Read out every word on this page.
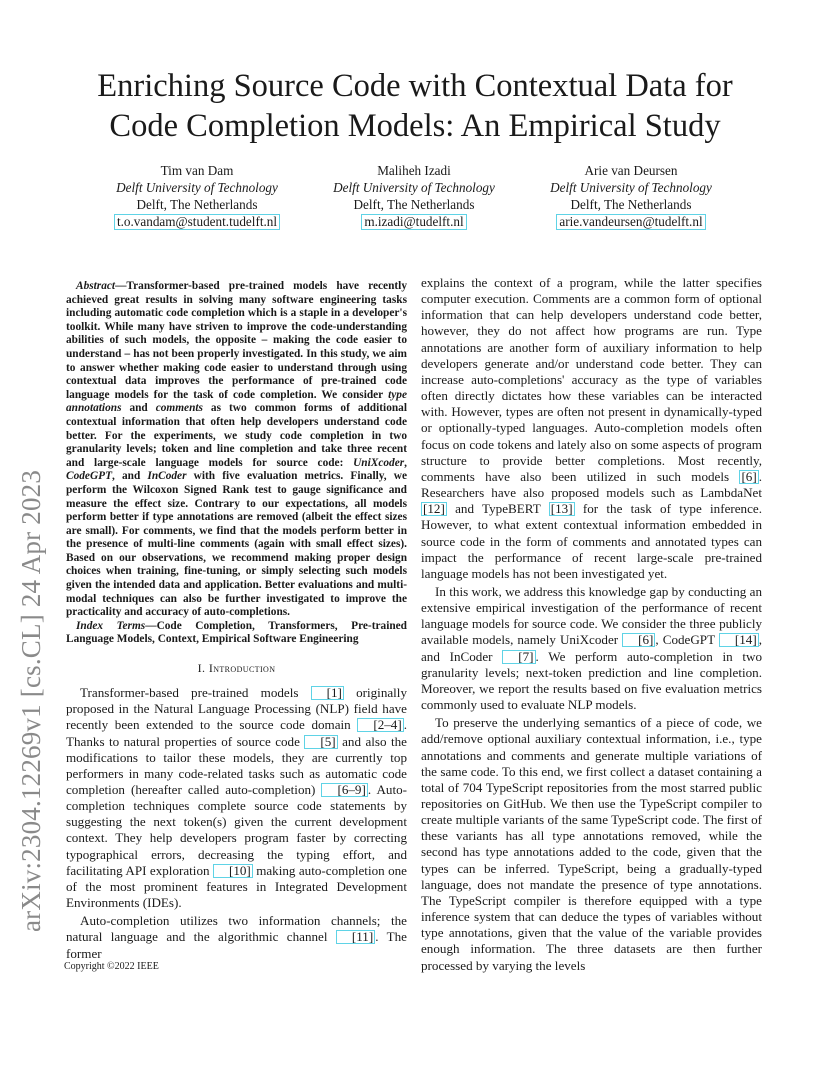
Enriching Source Code with Contextual Data for Code Completion Models: An Empirical Study
Tim van Dam
Delft University of Technology
Delft, The Netherlands
t.o.vandam@student.tudelft.nl
Maliheh Izadi
Delft University of Technology
Delft, The Netherlands
m.izadi@tudelft.nl
Arie van Deursen
Delft University of Technology
Delft, The Netherlands
arie.vandeursen@tudelft.nl
arXiv:2304.12269v1 [cs.CL] 24 Apr 2023

Abstract—Transformer-based pre-trained models have recently achieved great results in solving many software engineering tasks including automatic code completion which is a staple in a developer's toolkit. While many have striven to improve the code-understanding abilities of such models, the opposite – making the code easier to understand – has not been properly investigated. In this study, we aim to answer whether making code easier to understand through using contextual data improves the performance of pre-trained code language models for the task of code completion. We consider type annotations and comments as two common forms of additional contextual information that often help developers understand code better. For the experiments, we study code completion in two granularity levels; token and line completion and take three recent and large-scale language models for source code: UniXcoder, CodeGPT, and InCoder with five evaluation metrics. Finally, we perform the Wilcoxon Signed Rank test to gauge significance and measure the effect size. Contrary to our expectations, all models perform better if type annotations are removed (albeit the effect sizes are small). For comments, we find that the models perform better in the presence of multi-line comments (again with small effect sizes). Based on our observations, we recommend making proper design choices when training, fine-tuning, or simply selecting such models given the intended data and application. Better evaluations and multi-modal techniques can also be further investigated to improve the practicality and accuracy of auto-completions.

Index Terms—Code Completion, Transformers, Pre-trained Language Models, Context, Empirical Software Engineering

I. Introduction

Transformer-based pre-trained models [1] originally proposed in the Natural Language Processing (NLP) field have recently been extended to the source code domain [2–4] . Thanks to natural properties of source code [5] and also the modifications to tailor these models, they are currently top performers in many code-related tasks such as automatic code completion (hereafter called auto-completion) [6–9] . Auto-completion techniques complete source code statements by suggesting the next token(s) given the current development context. They help developers program faster by correcting typographical errors, decreasing the typing effort, and facilitating API exploration [10] making auto-completion one of the most prominent features in Integrated Development Environments (IDEs).

Auto-completion utilizes two information channels; the natural language and the algorithmic channel [11] . The former

explains the context of a program, while the latter specifies computer execution. Comments are a common form of optional information that can help developers understand code better, however, they do not affect how programs are run. Type annotations are another form of auxiliary information to help developers generate and/or understand code better. They can increase auto-completions' accuracy as the type of variables often directly dictates how these variables can be interacted with. However, types are often not present in dynamically-typed or optionally-typed languages. Auto-completion models often focus on code tokens and lately also on some aspects of program structure to provide better completions. Most recently, comments have also been utilized in such models [6] . Researchers have also proposed models such as LambdaNet [12] and TypeBERT [13] for the task of type inference. However, to what extent contextual information embedded in source code in the form of comments and annotated types can impact the performance of recent large-scale pre-trained language models has not been investigated yet.

In this work, we address this knowledge gap by conducting an extensive empirical investigation of the performance of recent language models for source code. We consider the three publicly available models, namely UniXcoder [6] , CodeGPT [14] , and InCoder [7] . We perform auto-completion in two granularity levels; next-token prediction and line completion. Moreover, we report the results based on five evaluation metrics commonly used to evaluate NLP models.

To preserve the underlying semantics of a piece of code, we add/remove optional auxiliary contextual information, i.e., type annotations and comments and generate multiple variations of the same code. To this end, we first collect a dataset containing a total of 704 TypeScript repositories from the most starred public repositories on GitHub. We then use the TypeScript compiler to create multiple variants of the same TypeScript code. The first of these variants has all type annotations removed, while the second has type annotations added to the code, given that the types can be inferred. TypeScript, being a gradually-typed language, does not mandate the presence of type annotations. The TypeScript compiler is therefore equipped with a type inference system that can deduce the types of variables without type annotations, given that the value of the variable provides enough information. The three datasets are then further processed by varying the levels

Copyright ©2022 IEEE
